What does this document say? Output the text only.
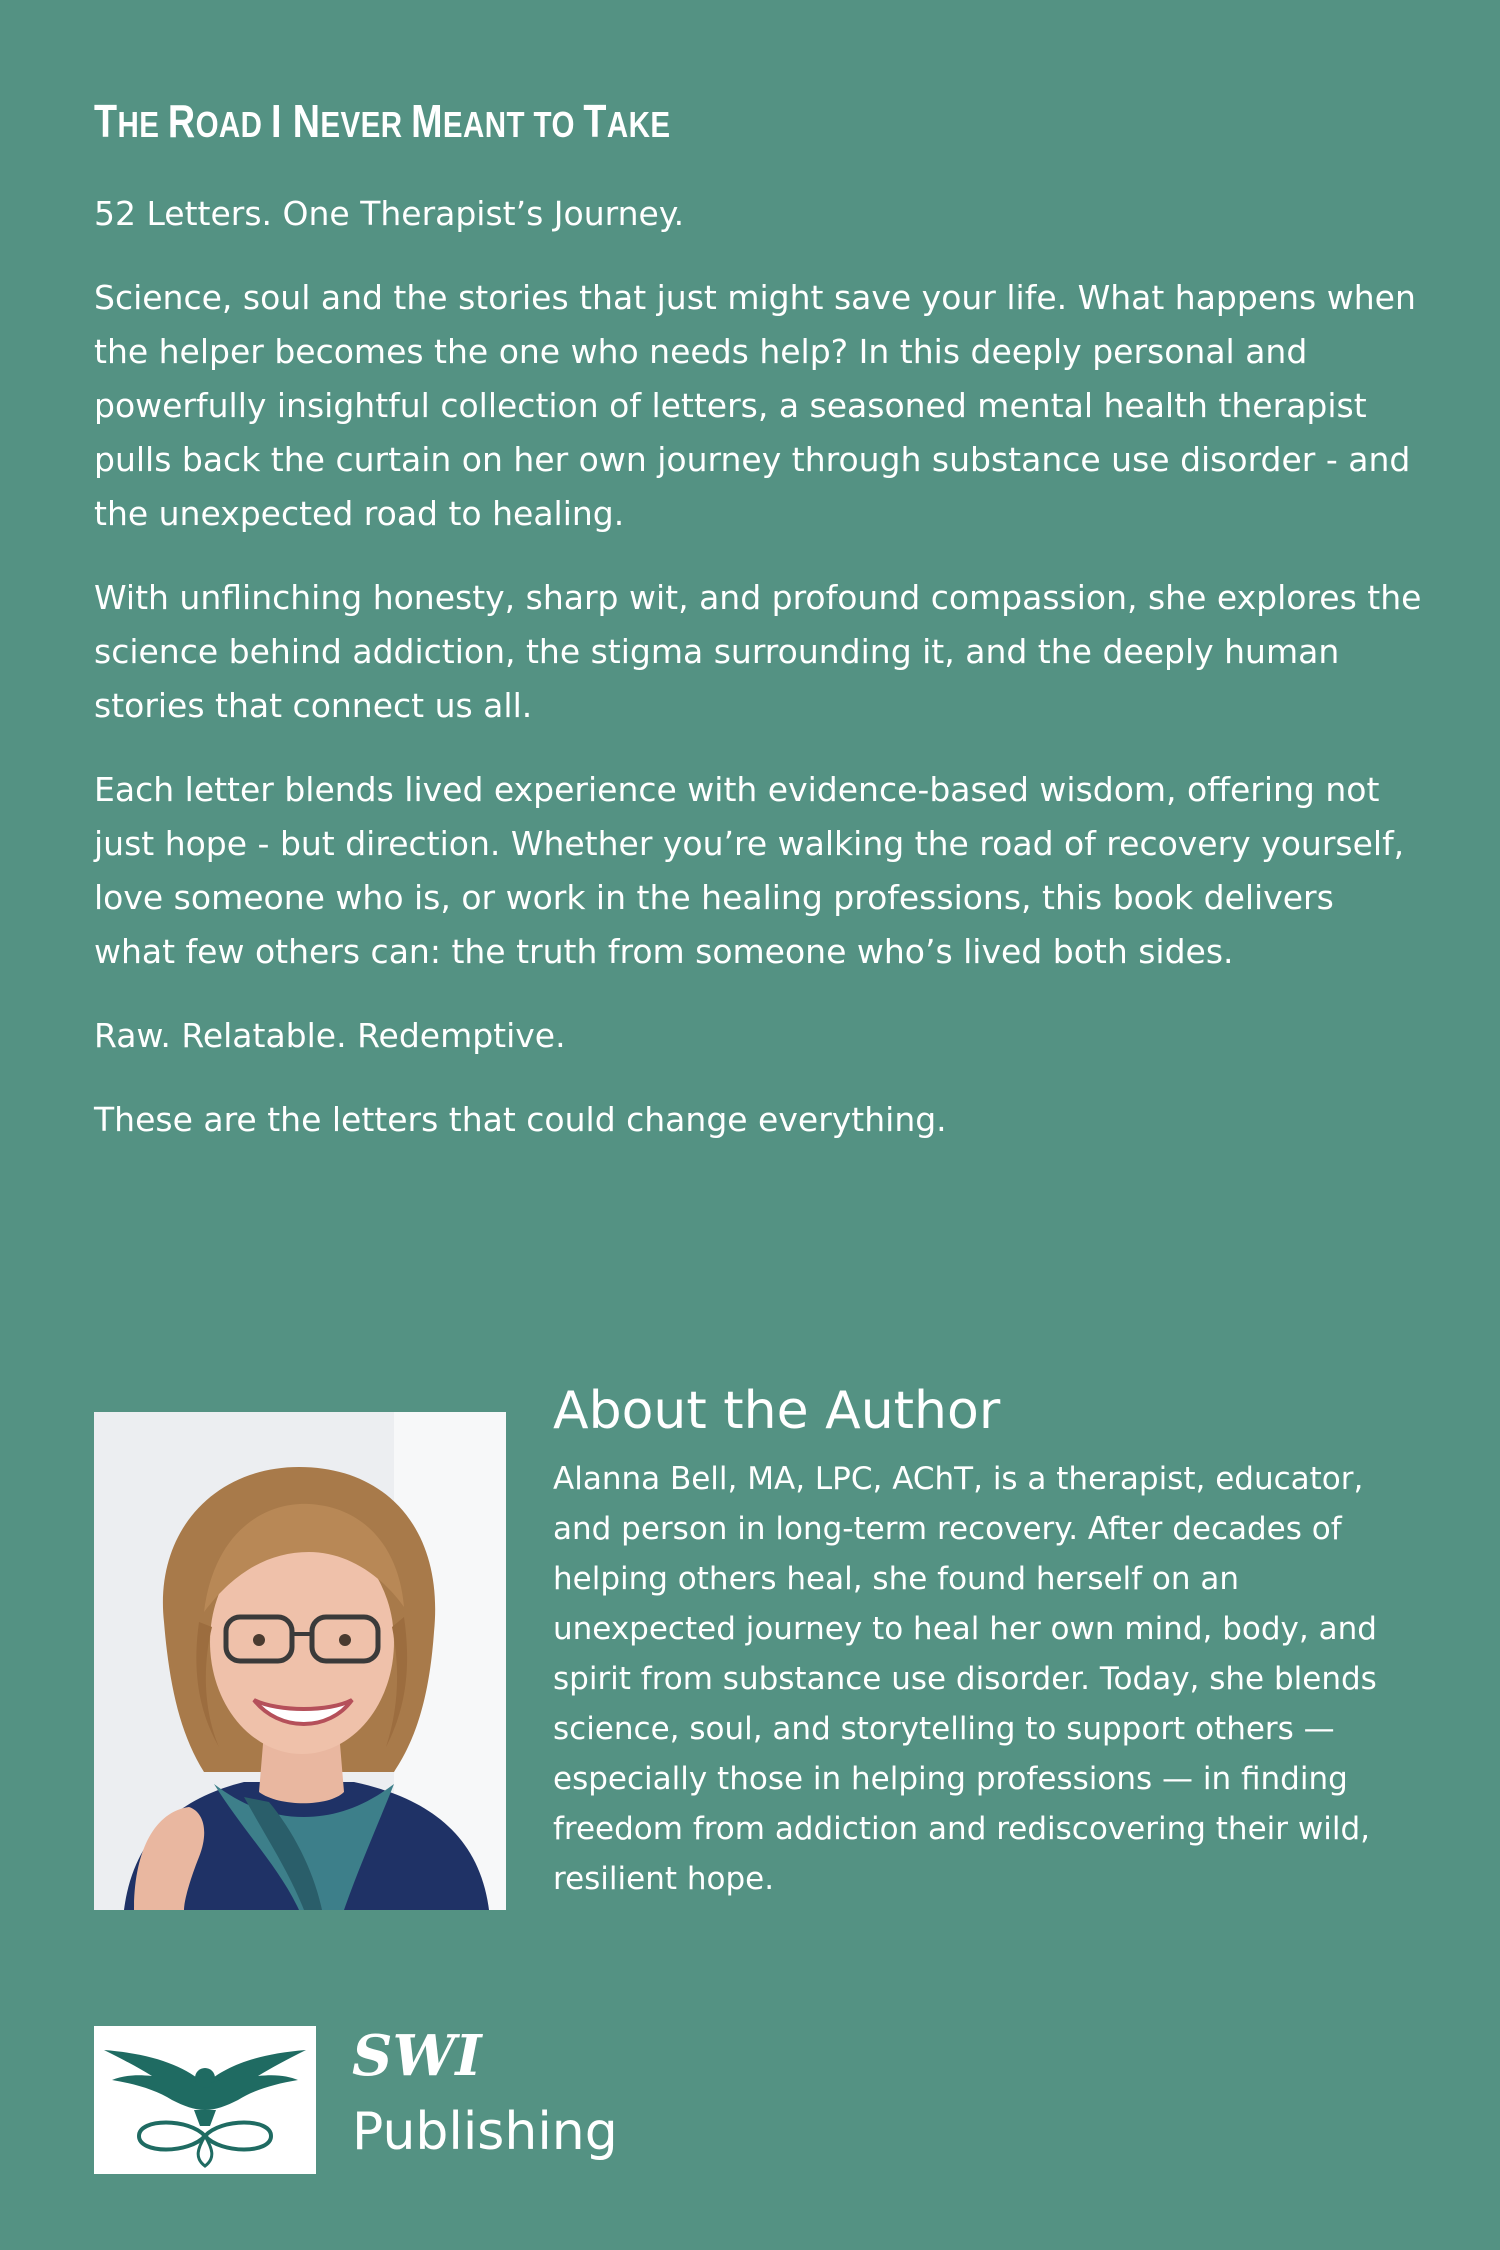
THE ROAD I NEVER MEANT TO TAKE

52 Letters. One Therapist’s Journey.

Science, soul and the stories that just might save your life. What happens when the helper becomes the one who needs help? In this deeply personal and powerfully insightful collection of letters, a seasoned mental health therapist pulls back the curtain on her own journey through substance use disorder - and the unexpected road to healing.

With unflinching honesty, sharp wit, and profound compassion, she explores the science behind addiction, the stigma surrounding it, and the deeply human stories that connect us all.

Each letter blends lived experience with evidence-based wisdom, offering not just hope - but direction. Whether you’re walking the road of recovery yourself, love someone who is, or work in the healing professions, this book delivers what few others can: the truth from someone who’s lived both sides.

Raw. Relatable. Redemptive.

These are the letters that could change everything.

About the Author

Alanna Bell, MA, LPC, AChT, is a therapist, educator, and person in long-term recovery. After decades of helping others heal, she found herself on an unexpected journey to heal her own mind, body, and spirit from substance use disorder. Today, she blends science, soul, and storytelling to support others — especially those in helping professions — in finding freedom from addiction and rediscovering their wild, resilient hope.

SWI
Publishing
